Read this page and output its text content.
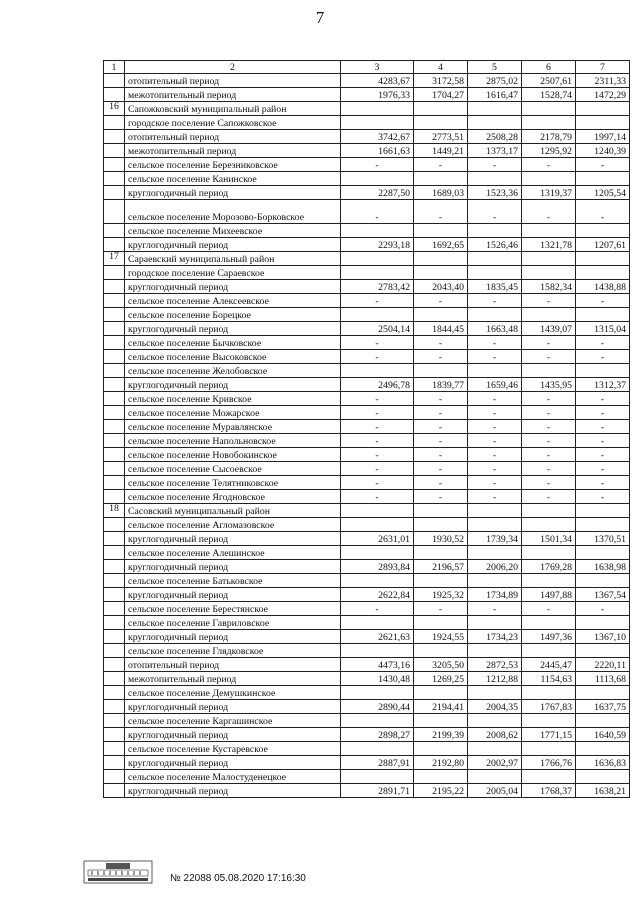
7
1	2	3	4	5	6	7
	отопительный период	4283,67	3172,58	2875,02	2507,61	2311,33
	межотопительный период	1976,33	1704,27	1616,47	1528,74	1472,29
16	Сапожковский муниципальный район					
	городское поселение Сапожковское					
	отопительный период	3742,67	2773,51	2508,28	2178,79	1997,14
	межотопительный период	1661,63	1449,21	1373,17	1295,92	1240,39
	сельское поселение Березниковское	-	-	-	-	-
	сельское поселение Канинское					
	круглогодичный период	2287,50	1689,03	1523,36	1319,37	1205,54
	сельское поселение Морозово-Борковское	-	-	-	-	-
	сельское поселение Михеевское					
	круглогодичный период	2293,18	1692,65	1526,46	1321,78	1207,61
17	Сараевский муниципальный район					
	городское поселение Сараевское					
	круглогодичный период	2783,42	2043,40	1835,45	1582,34	1438,88
	сельское поселение Алексеевское	-	-	-	-	-
	сельское поселение Борецкое					
	круглогодичный период	2504,14	1844,45	1663,48	1439,07	1315,04
	сельское поселение Бычковское	-	-	-	-	-
	сельское поселение Высоковское	-	-	-	-	-
	сельское поселение Желобовское					
	круглогодичный период	2496,78	1839,77	1659,46	1435,95	1312,37
	сельское поселение Кривское	-	-	-	-	-
	сельское поселение Можарское	-	-	-	-	-
	сельское поселение Муравлянское	-	-	-	-	-
	сельское поселение Напольновское	-	-	-	-	-
	сельское поселение Новобокинское	-	-	-	-	-
	сельское поселение Сысоевское	-	-	-	-	-
	сельское поселение Телятниковское	-	-	-	-	-
	сельское поселение Ягодновское	-	-	-	-	-
18	Сасовский муниципальный район					
	сельское поселение Агломазовское					
	круглогодичный период	2631,01	1930,52	1739,34	1501,34	1370,51
	сельское поселение Алешинское					
	круглогодичный период	2893,84	2196,57	2006,20	1769,28	1638,98
	сельское поселение Батьковское					
	круглогодичный период	2622,84	1925,32	1734,89	1497,88	1367,54
	сельское поселение Берестянское	-	-	-	-	-
	сельское поселение Гавриловское					
	круглогодичный период	2621,63	1924,55	1734,23	1497,36	1367,10
	сельское поселение Глядковское					
	отопительный период	4473,16	3205,50	2872,53	2445,47	2220,11
	межотопительный период	1430,48	1269,25	1212,88	1154,63	1113,68
	сельское поселение Демушкинское					
	круглогодичный период	2890,44	2194,41	2004,35	1767,83	1637,75
	сельское поселение Каргашинское					
	круглогодичный период	2898,27	2199,39	2008,62	1771,15	1640,59
	сельское поселение Кустаревское					
	круглогодичный период	2887,91	2192,80	2002,97	1766,76	1636,83
	сельское поселение Малостуденецкое					
	круглогодичный период	2891,71	2195,22	2005,04	1768,37	1638,21
№ 22088 05.08.2020 17:16:30
